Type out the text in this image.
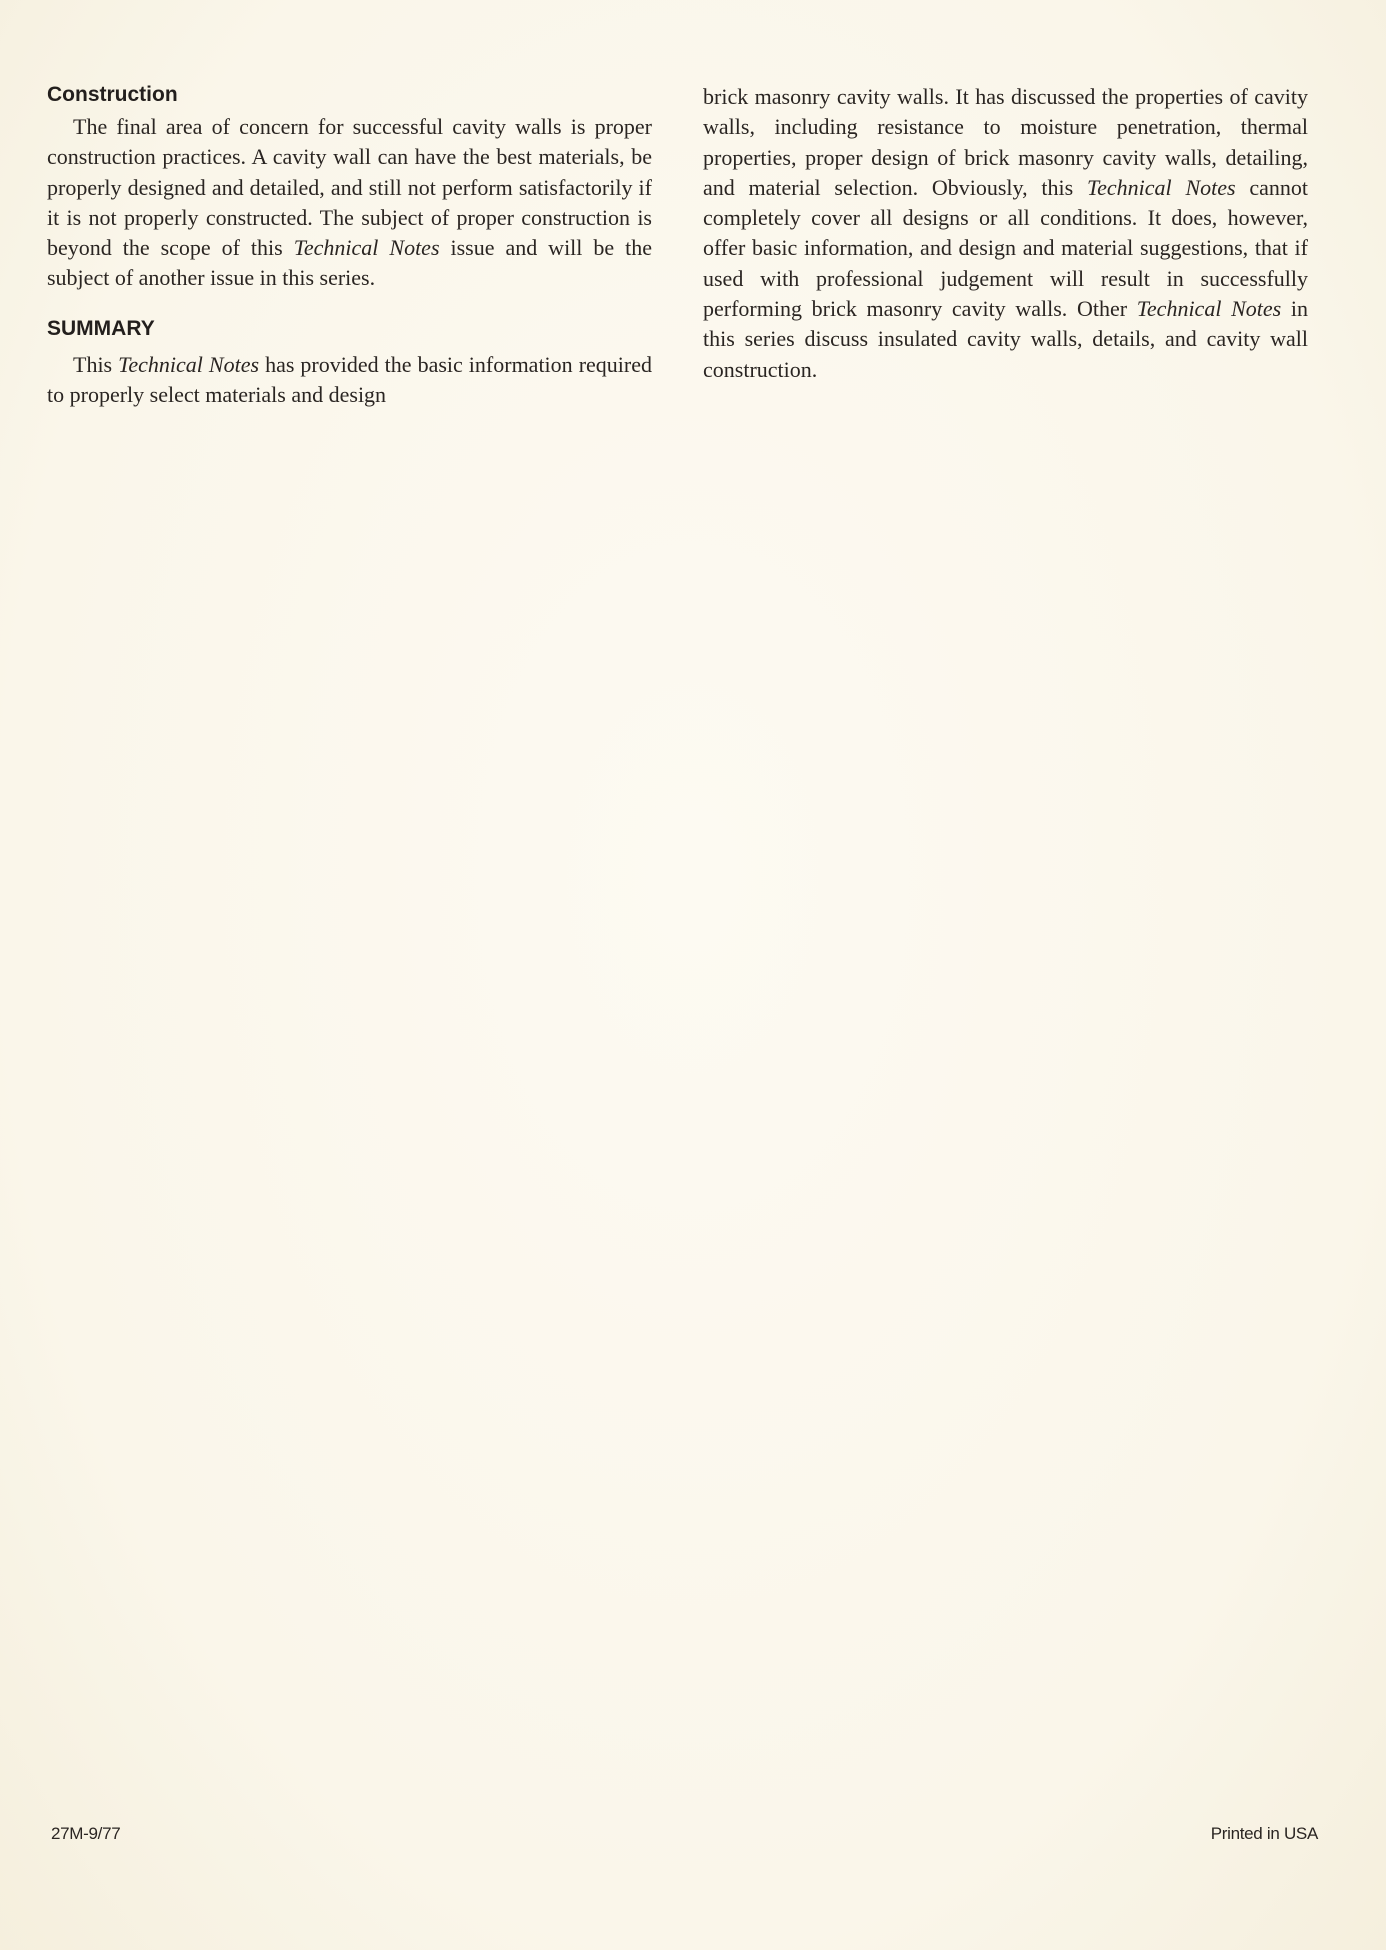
Construction

The final area of concern for successful cavity walls is proper construction practices. A cavity wall can have the best materials, be properly designed and detailed, and still not perform satisfactorily if it is not properly constructed. The subject of proper construction is beyond the scope of this Technical Notes issue and will be the subject of another issue in this series.

SUMMARY

This Technical Notes has provided the basic information required to properly select materials and design

brick masonry cavity walls. It has discussed the properties of cavity walls, including resistance to moisture penetration, thermal properties, proper design of brick masonry cavity walls, detailing, and material selection. Obviously, this Technical Notes cannot completely cover all designs or all conditions. It does, however, offer basic information, and design and material suggestions, that if used with professional judgement will result in successfully performing brick masonry cavity walls. Other Technical Notes in this series discuss insulated cavity walls, details, and cavity wall construction.

27M-9/77	Printed in USA
